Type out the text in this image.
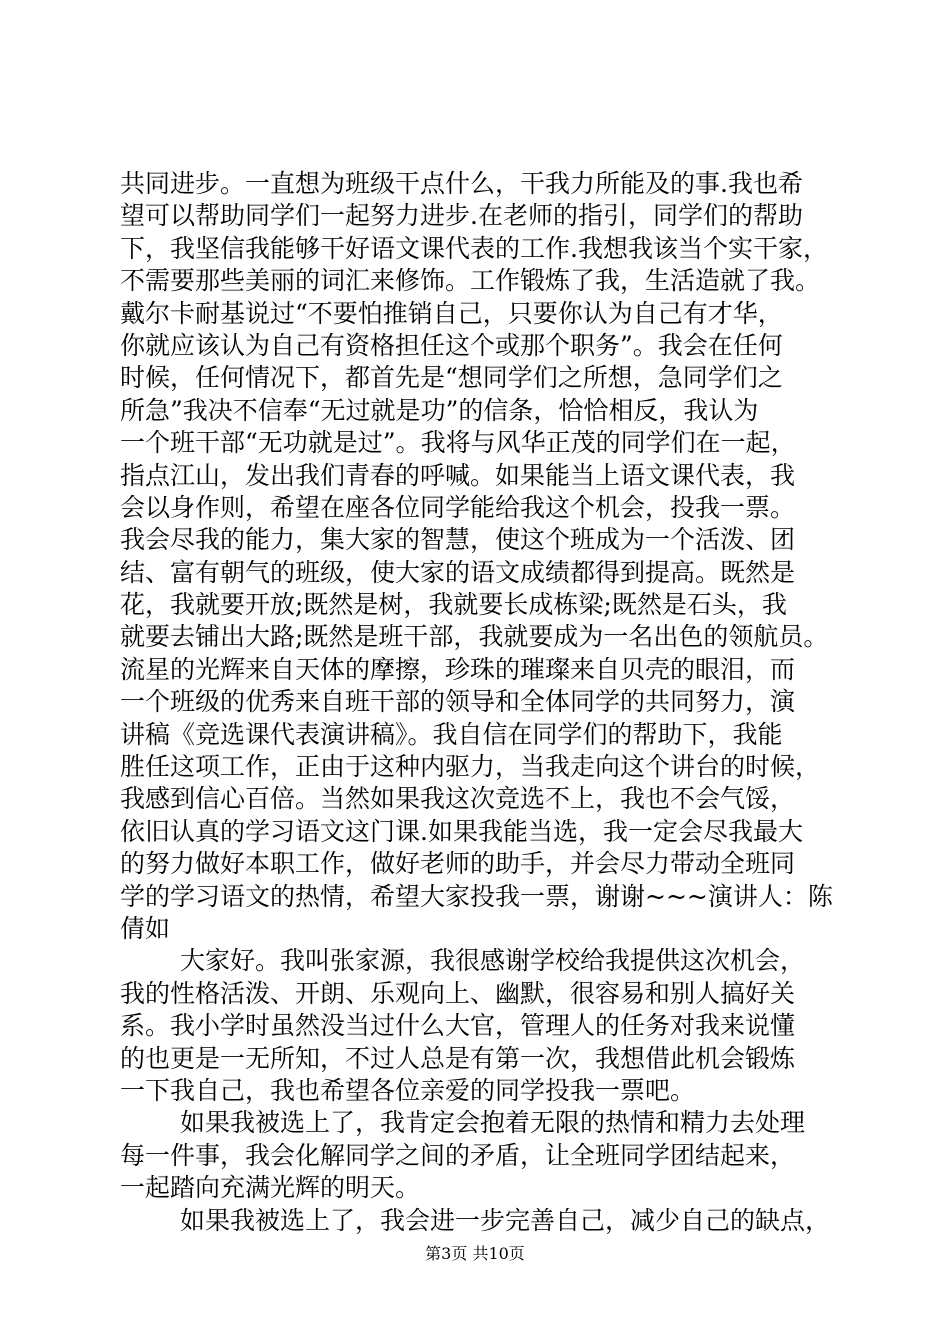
共同进步。一直想为班级干点什么，干我力所能及的事.我也希
望可以帮助同学们一起努力进步.在老师的指引，同学们的帮助
下，我坚信我能够干好语文课代表的工作.我想我该当个实干家，
不需要那些美丽的词汇来修饰。工作锻炼了我，生活造就了我。
戴尔卡耐基说过“不要怕推销自己，只要你认为自己有才华，
你就应该认为自己有资格担任这个或那个职务”。我会在任何
时候，任何情况下，都首先是“想同学们之所想，急同学们之
所急”我决不信奉“无过就是功”的信条，恰恰相反，我认为
一个班干部“无功就是过”。我将与风华正茂的同学们在一起，
指点江山，发出我们青春的呼喊。如果能当上语文课代表，我
会以身作则，希望在座各位同学能给我这个机会，投我一票。
我会尽我的能力，集大家的智慧，使这个班成为一个活泼、团
结、富有朝气的班级，使大家的语文成绩都得到提高。既然是
花，我就要开放;既然是树，我就要长成栋梁;既然是石头，我
就要去铺出大路;既然是班干部，我就要成为一名出色的领航员。
流星的光辉来自天体的摩擦，珍珠的璀璨来自贝壳的眼泪，而
一个班级的优秀来自班干部的领导和全体同学的共同努力，演
讲稿《竞选课代表演讲稿》。我自信在同学们的帮助下，我能
胜任这项工作，正由于这种内驱力，当我走向这个讲台的时候，
我感到信心百倍。当然如果我这次竞选不上，我也不会气馁，
依旧认真的学习语文这门课.如果我能当选，我一定会尽我最大
的努力做好本职工作，做好老师的助手，并会尽力带动全班同
学的学习语文的热情，希望大家投我一票，谢谢~~~演讲人：陈
倩如
大家好。我叫张家源，我很感谢学校给我提供这次机会，
我的性格活泼、开朗、乐观向上、幽默，很容易和别人搞好关
系。我小学时虽然没当过什么大官，管理人的任务对我来说懂
的也更是一无所知，不过人总是有第一次，我想借此机会锻炼
一下我自己，我也希望各位亲爱的同学投我一票吧。
如果我被选上了，我肯定会抱着无限的热情和精力去处理
每一件事，我会化解同学之间的矛盾，让全班同学团结起来，
一起踏向充满光辉的明天。
如果我被选上了，我会进一步完善自己，减少自己的缺点，
第3页 共10页
